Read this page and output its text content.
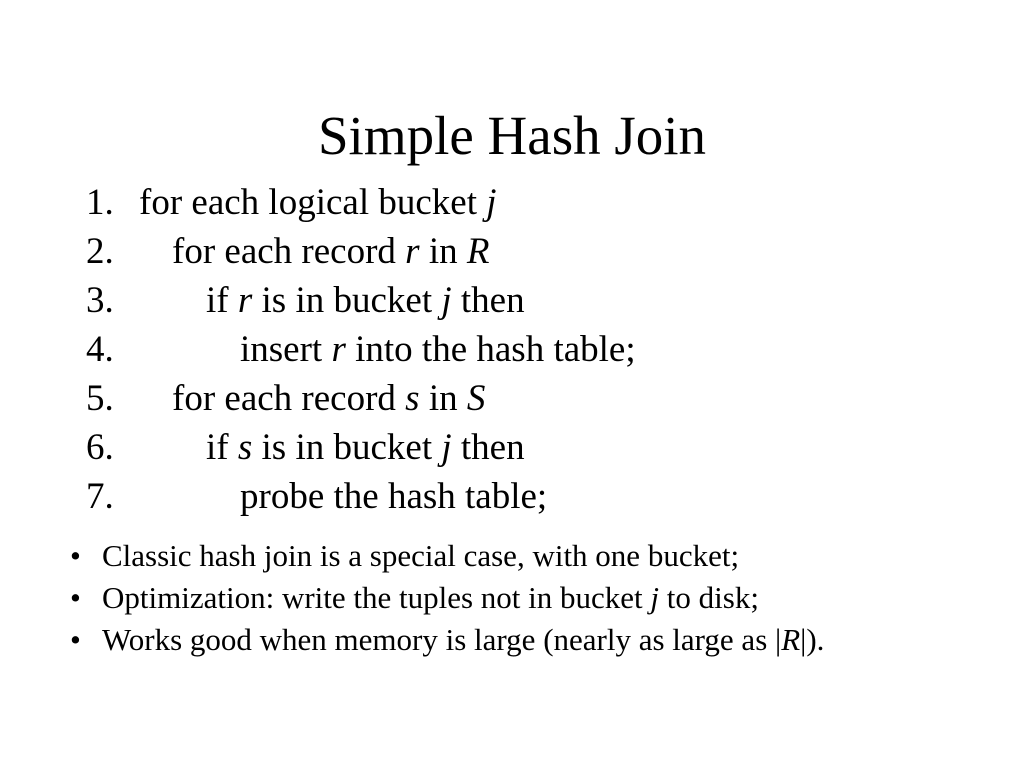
Simple Hash Join
1. for each logical bucket j
2. for each record r in R
3. if r is in bucket j then
4.	insert r into the hash table;
5. for each record s in S
6. if s is in bucket j then
7.	probe the hash table;
• Classic hash join is a special case, with one bucket;
• Optimization: write the tuples not in bucket j to disk;
• Works good when memory is large (nearly as large as |R|).
